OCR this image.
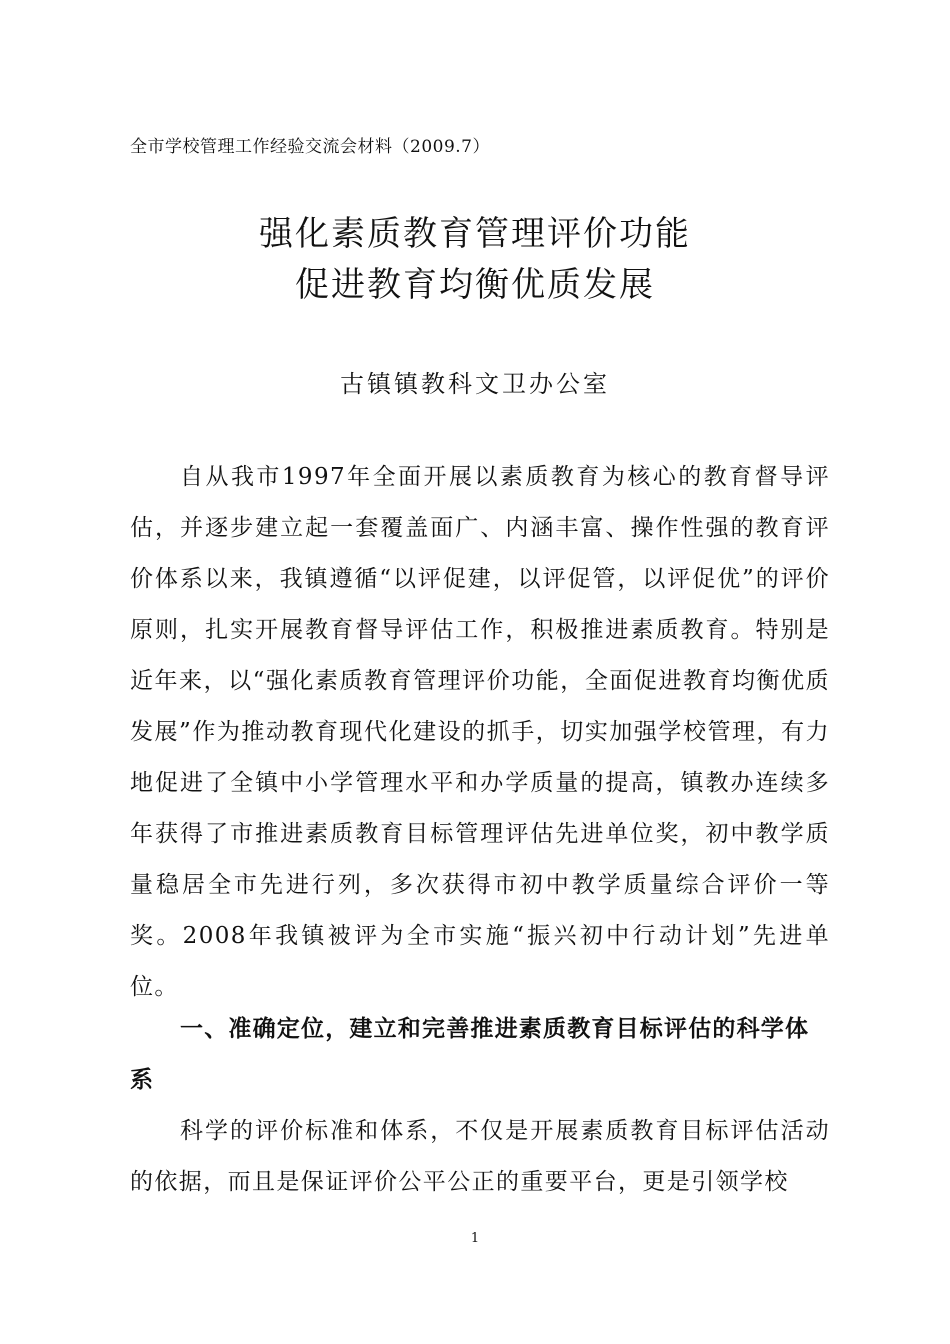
全市学校管理工作经验交流会材料（2009.7）
强化素质教育管理评价功能
促进教育均衡优质发展
古镇镇教科文卫办公室

自从我市1997年全面开展以素质教育为核心的教育督导评估，并逐步建立起一套覆盖面广、内涵丰富、操作性强的教育评价体系以来，我镇遵循“以评促建，以评促管，以评促优”的评价原则，扎实开展教育督导评估工作，积极推进素质教育。特别是近年来，以“强化素质教育管理评价功能，全面促进教育均衡优质发展”作为推动教育现代化建设的抓手，切实加强学校管理，有力地促进了全镇中小学管理水平和办学质量的提高，镇教办连续多年获得了市推进素质教育目标管理评估先进单位奖，初中教学质量稳居全市先进行列，多次获得市初中教学质量综合评价一等奖。2008年我镇被评为全市实施“振兴初中行动计划”先进单位。

一、准确定位，建立和完善推进素质教育目标评估的科学体系

科学的评价标准和体系，不仅是开展素质教育目标评估活动的依据，而且是保证评价公平公正的重要平台，更是引领学校

1
